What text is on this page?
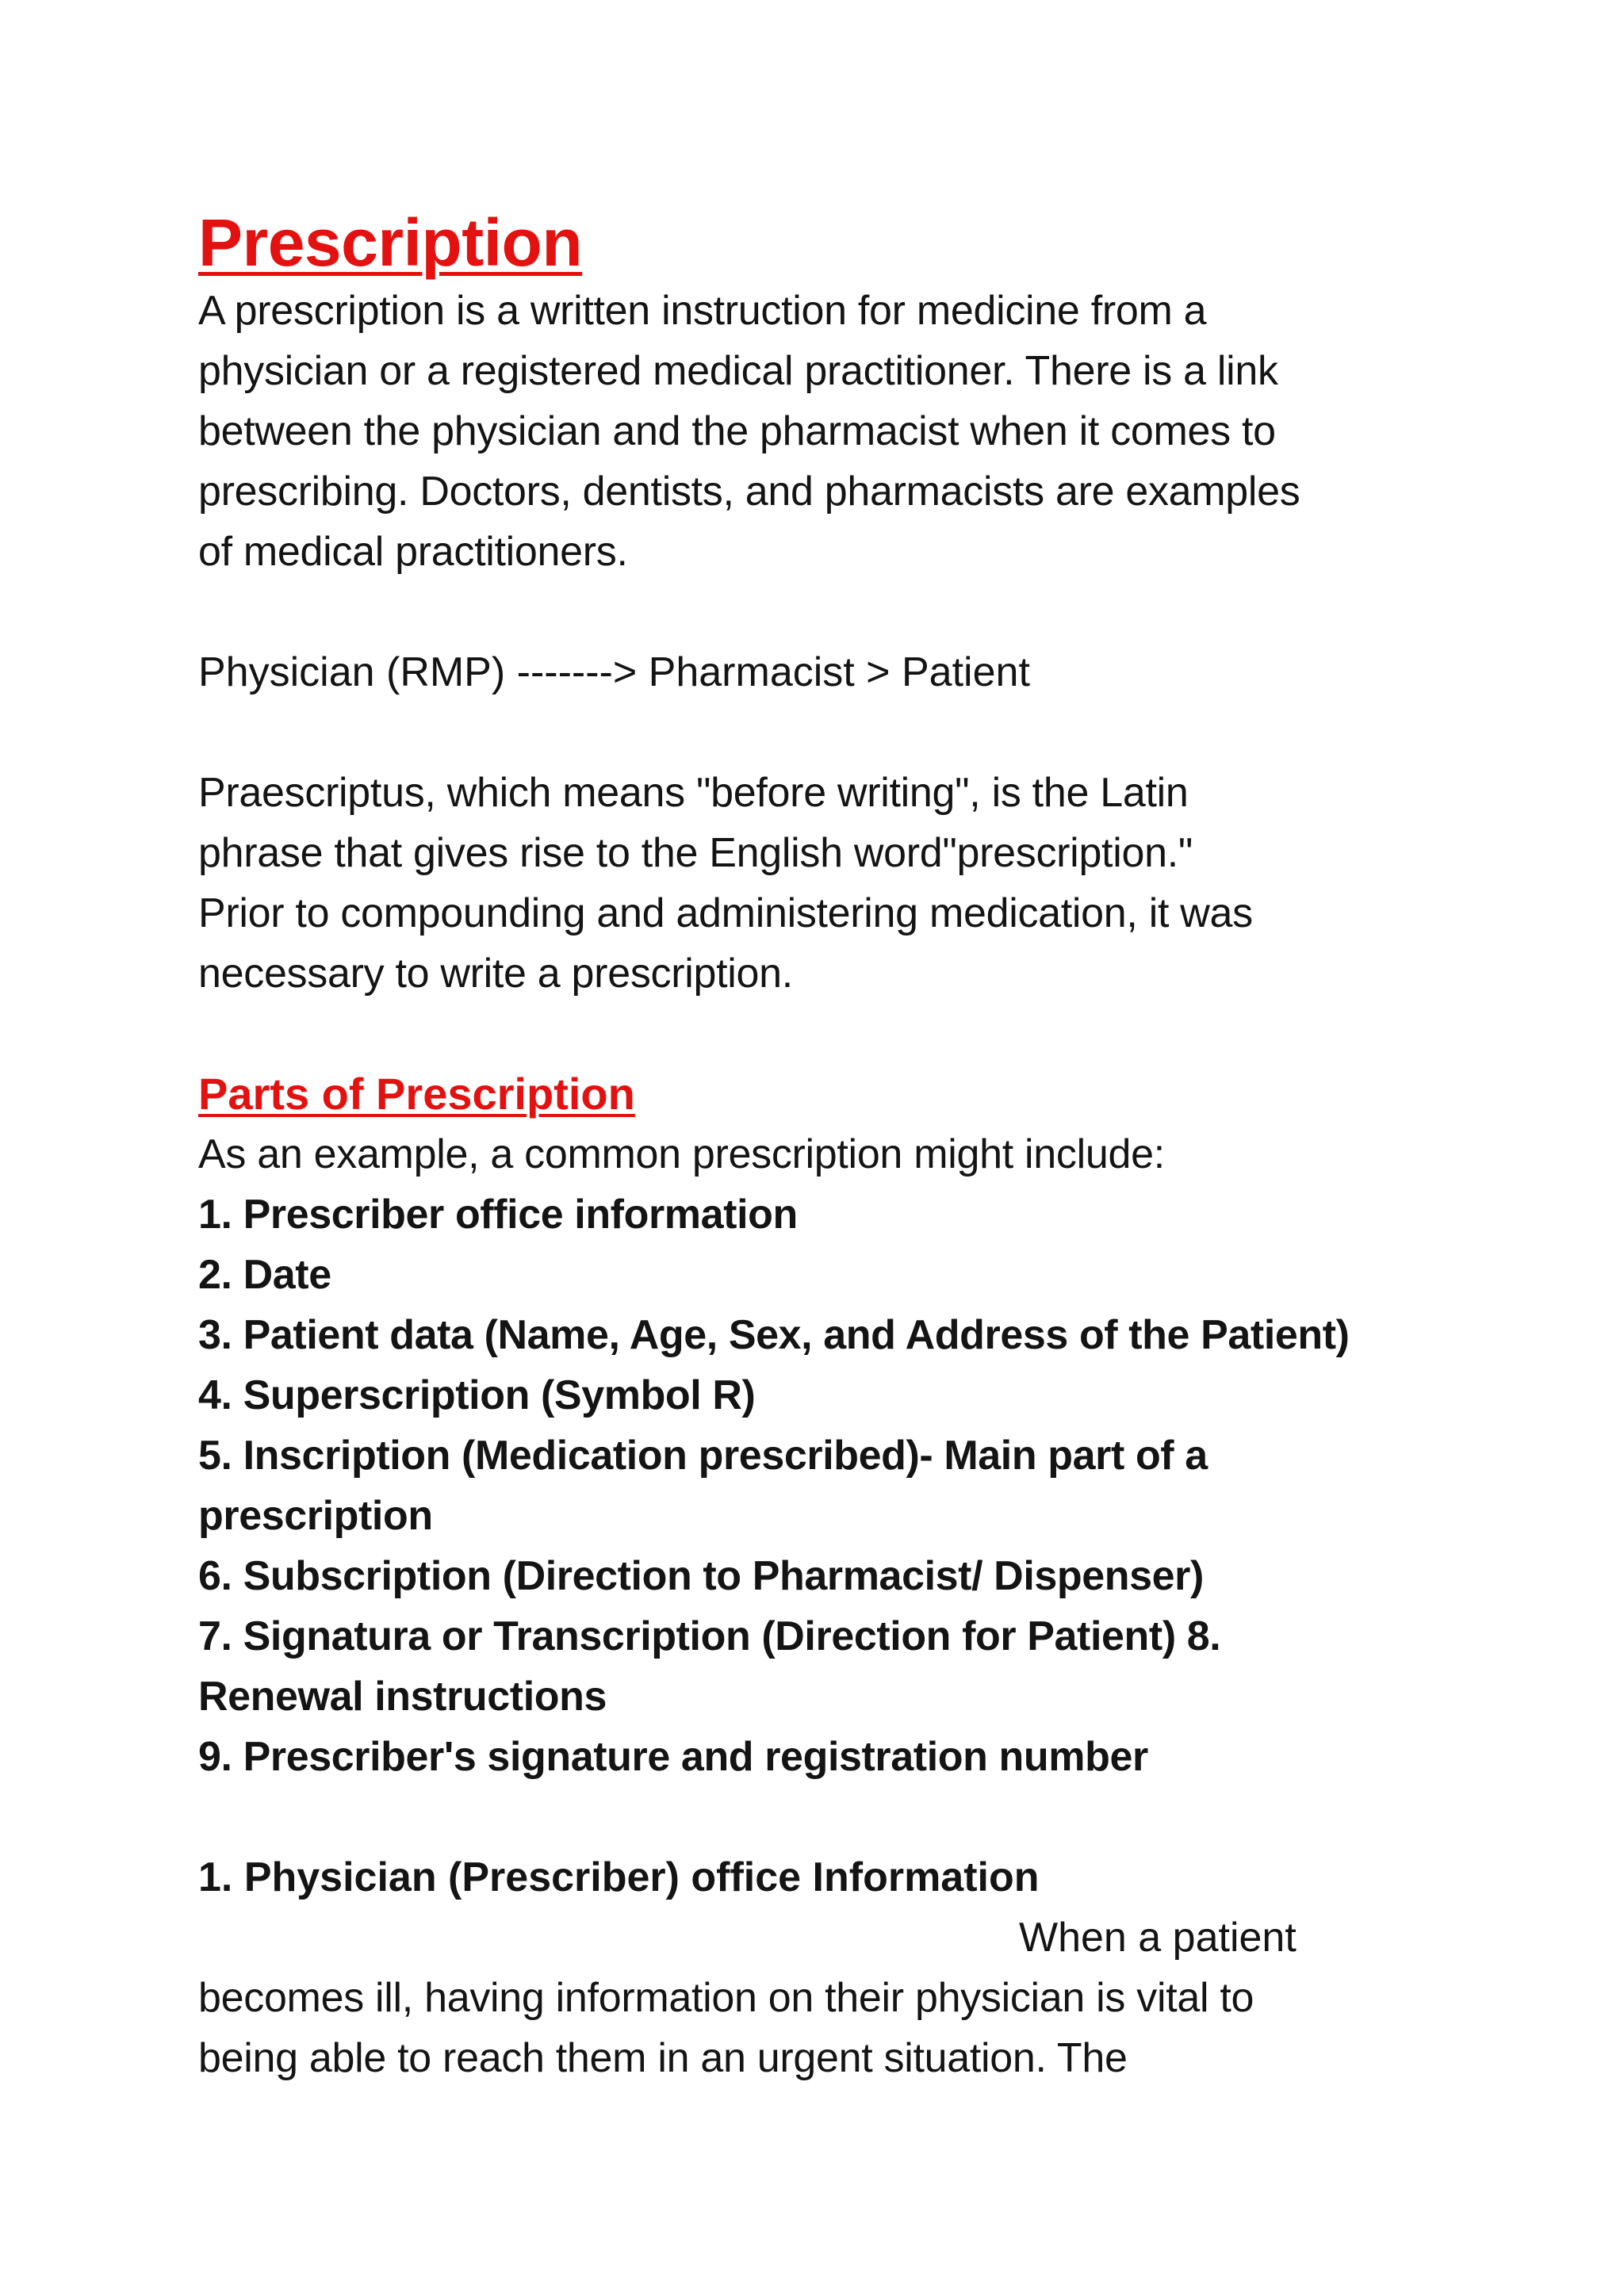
Prescription

A prescription is a written instruction for medicine from a

physician or a registered medical practitioner. There is a link

between the physician and the pharmacist when it comes to

prescribing. Doctors, dentists, and pharmacists are examples

of medical practitioners.

Physician (RMP) -------> Pharmacist > Patient

Praescriptus, which means "before writing", is the Latin

phrase that gives rise to the English word"prescription."

Prior to compounding and administering medication, it was

necessary to write a prescription.

Parts of Prescription

As an example, a common prescription might include:

1. Prescriber office information
2. Date
3. Patient data (Name, Age, Sex, and Address of the Patient)
4. Superscription (Symbol R)
5. Inscription (Medication prescribed)- Main part of a
prescription
6. Subscription (Direction to Pharmacist/ Dispenser)
7. Signatura or Transcription (Direction for Patient) 8.
Renewal instructions
9. Prescriber's signature and registration number

1. Physician (Prescriber) office Information

When a patient

becomes ill, having information on their physician is vital to

being able to reach them in an urgent situation. The
